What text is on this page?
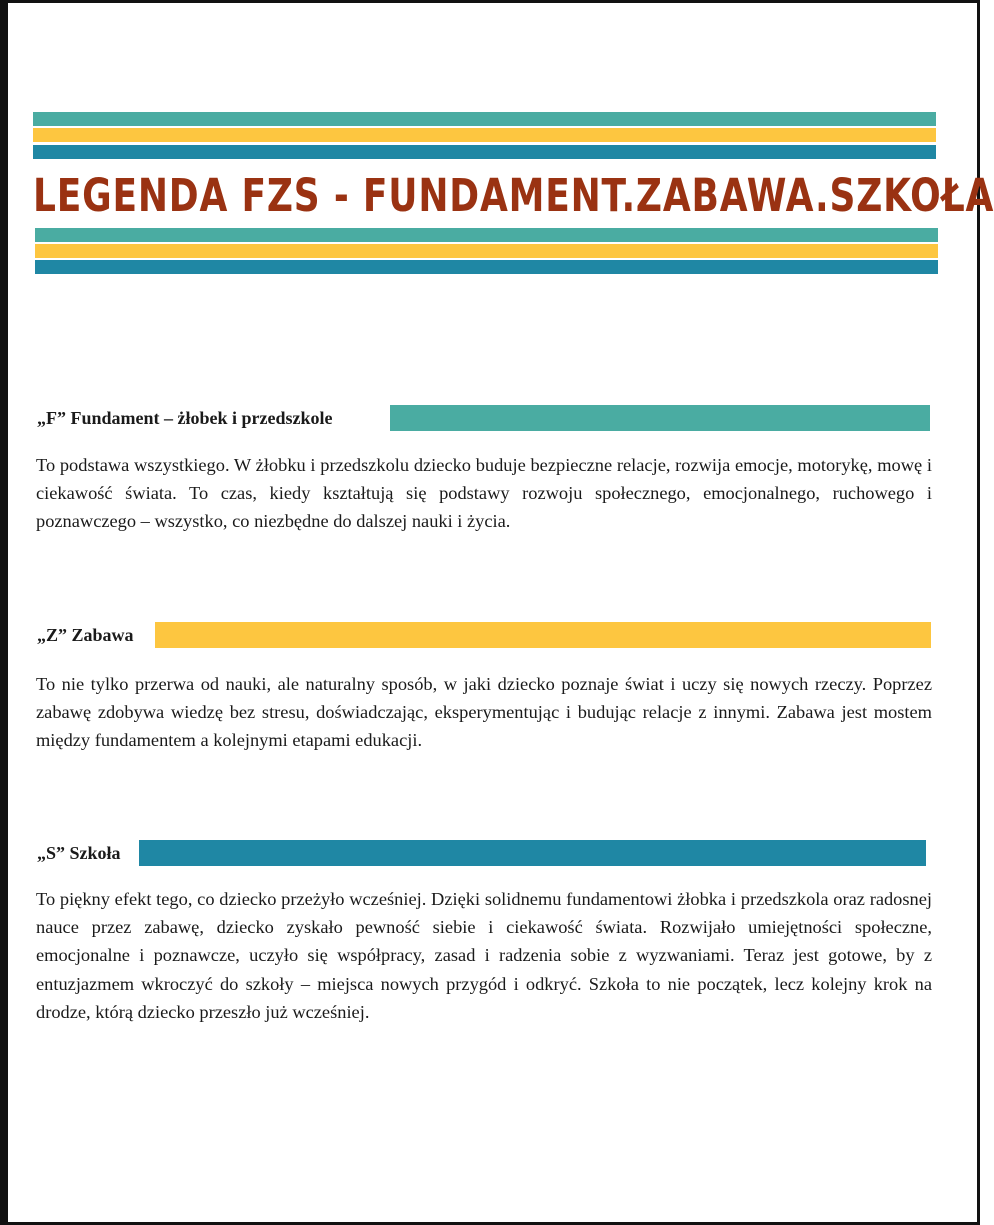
LEGENDA FZS - FUNDAMENT.ZABAWA.SZKOŁA
„F” Fundament – żłobek i przedszkole

To podstawa wszystkiego. W żłobku i przedszkolu dziecko buduje bezpieczne relacje, rozwija emocje, motorykę, mowę i ciekawość świata. To czas, kiedy kształtują się podstawy rozwoju społecznego, emocjonalnego, ruchowego i poznawczego – wszystko, co niezbędne do dalszej nauki i życia.

„Z” Zabawa

To nie tylko przerwa od nauki, ale naturalny sposób, w jaki dziecko poznaje świat i uczy się nowych rzeczy. Poprzez zabawę zdobywa wiedzę bez stresu, doświadczając, eksperymentując i budując relacje z innymi. Zabawa jest mostem między fundamentem a kolejnymi etapami edukacji.

„S” Szkoła

To piękny efekt tego, co dziecko przeżyło wcześniej. Dzięki solidnemu fundamentowi żłobka i przedszkola oraz radosnej nauce przez zabawę, dziecko zyskało pewność siebie i ciekawość świata. Rozwijało umiejętności społeczne, emocjonalne i poznawcze, uczyło się współpracy, zasad i radzenia sobie z wyzwaniami. Teraz jest gotowe, by z entuzjazmem wkroczyć do szkoły – miejsca nowych przygód i odkryć. Szkoła to nie początek, lecz kolejny krok na drodze, którą dziecko przeszło już wcześniej.
